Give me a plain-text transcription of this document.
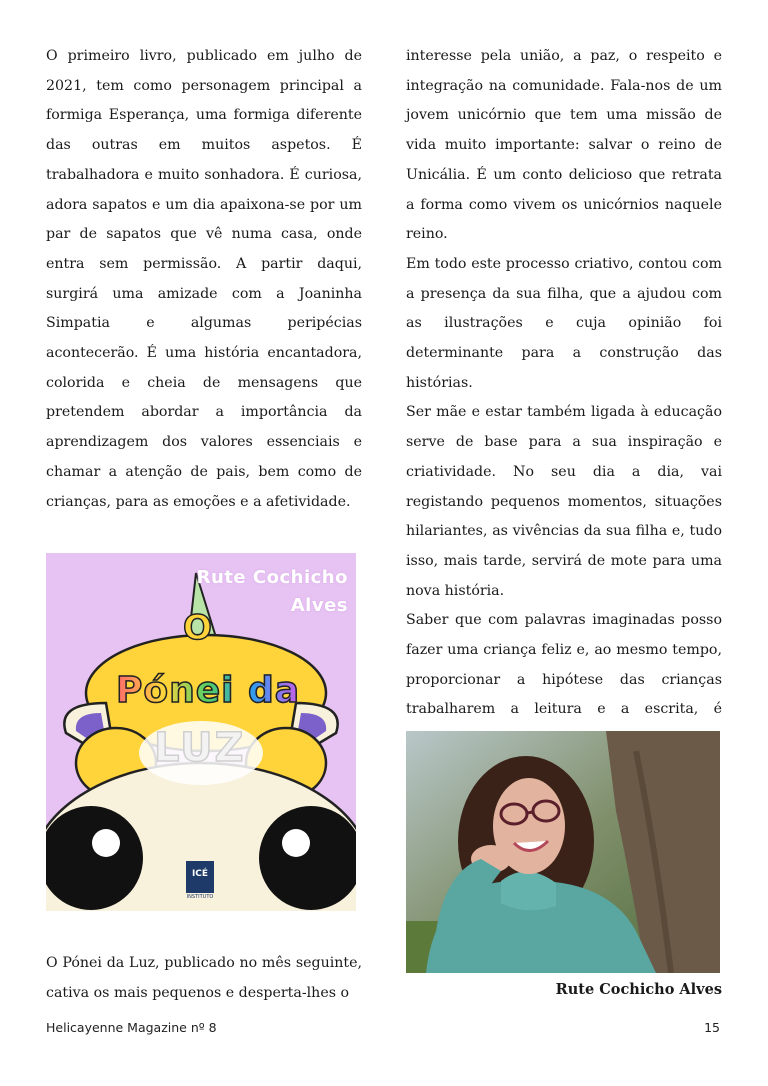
O primeiro livro, publicado em julho de 2021, tem como personagem principal a formiga Esperança, uma formiga diferente das outras em muitos aspetos. É trabalhadora e muito sonhadora. É curiosa, adora sapatos e um dia apaixona-se por um par de sapatos que vê numa casa, onde entra sem permissão. A partir daqui, surgirá uma amizade com a Joaninha Simpatia e algumas peripécias acontecerão. É uma história encantadora, colorida e cheia de mensagens que pretendem abordar a importância da aprendizagem dos valores essenciais e chamar a atenção de pais, bem como de crianças, para as emoções e a afetividade.

Rute Cochicho
Alves
O
Pónei da
LUZ
ICÉ
INSTITUTO

O Pónei da Luz, publicado no mês seguinte, cativa os mais pequenos e desperta-lhes o

interesse pela união, a paz, o respeito e integração na comunidade. Fala-nos de um jovem unicórnio que tem uma missão de vida muito importante: salvar o reino de Unicália. É um conto delicioso que retrata a forma como vivem os unicórnios naquele reino.

Em todo este processo criativo, contou com a presença da sua filha, que a ajudou com as ilustrações e cuja opinião foi determinante para a construção das histórias.

Ser mãe e estar também ligada à educação serve de base para a sua inspiração e criatividade. No seu dia a dia, vai registando pequenos momentos, situações hilariantes, as vivências da sua filha e, tudo isso, mais tarde, servirá de mote para uma nova história.

Saber que com palavras imaginadas posso fazer uma criança feliz e, ao mesmo tempo, proporcionar a hipótese das crianças trabalharem a leitura e a escrita, é

Rute Cochicho Alves
Helicayenne Magazine nº 8	15
